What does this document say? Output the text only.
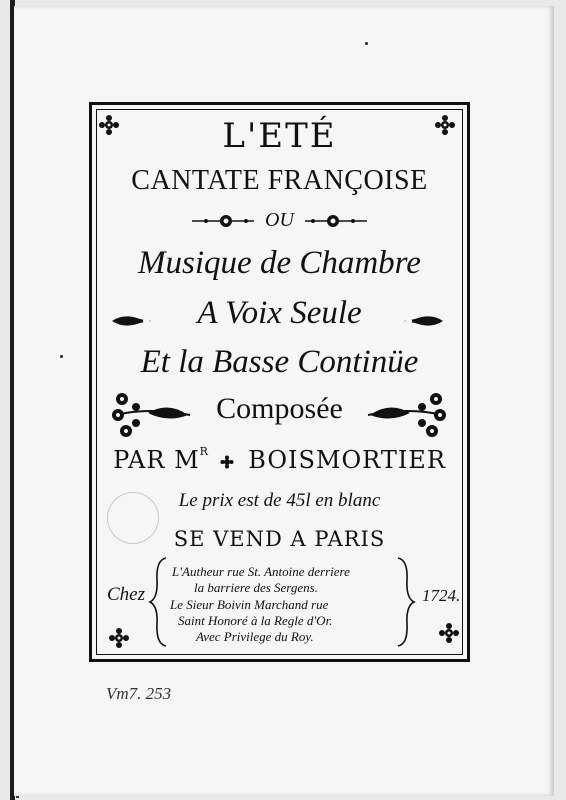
L'ETÉ
CANTATE FRANÇOISE
OU
Musique de Chambre
A Voix Seule
Et la Basse Continüe
Composée
PAR $M^R$ BOISMORTIER
Le prix est de 45l en blanc
SE VEND A PARIS
Chez
L'Autheur rue St. Antoine derriere
la barriere des Sergens.
Le Sieur Boivin Marchand rue
Saint Honoré à la Regle d'Or.
Avec Privilege du Roy.
1724.
Vm7. 253
